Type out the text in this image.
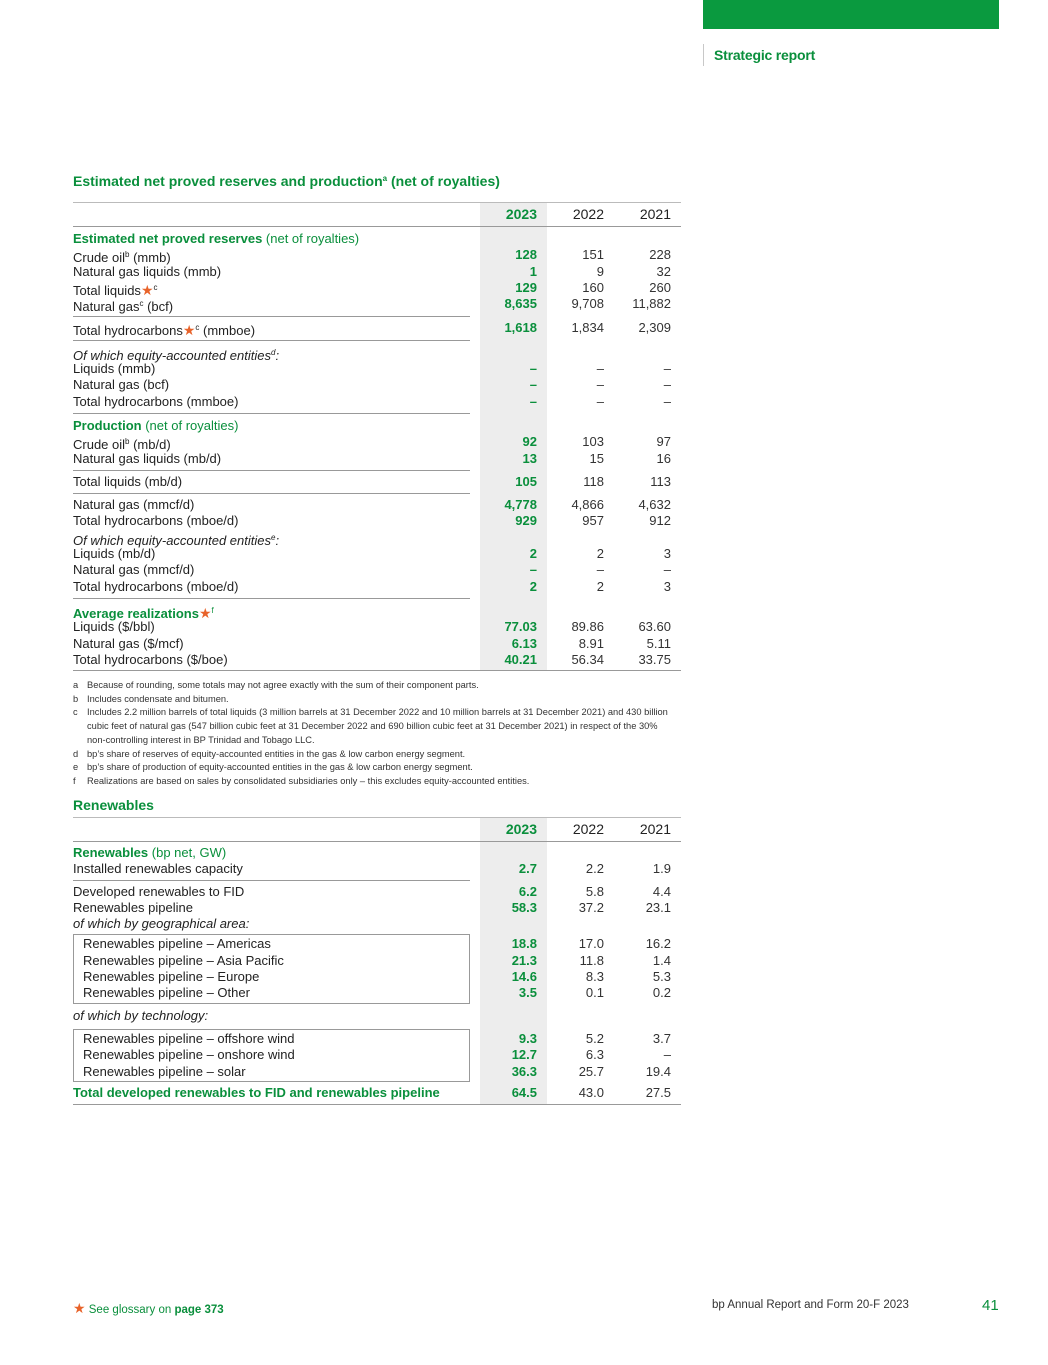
Strategic report
Estimated net proved reserves and production$^a$ (net of royalties)
2023	2022	2021
Estimated net proved reserves (net of royalties)
Crude oil$^b$ (mmb)	128	151	228
Natural gas liquids (mmb)	1	9	32
Total liquids★$^c$	129	160	260
Natural gas$^c$ (bcf)	8,635	9,708	11,882
Total hydrocarbons★$^c$ (mmboe)	1,618	1,834	2,309
Of which equity-accounted entities$^d$:
Liquids (mmb)	–	–	–
Natural gas (bcf)	–	–	–
Total hydrocarbons (mmboe)	–	–	–
Production (net of royalties)
Crude oil$^b$ (mb/d)	92	103	97
Natural gas liquids (mb/d)	13	15	16
Total liquids (mb/d)	105	118	113
Natural gas (mmcf/d)	4,778	4,866	4,632
Total hydrocarbons (mboe/d)	929	957	912
Of which equity-accounted entities$^e$:
Liquids (mb/d)	2	2	3
Natural gas (mmcf/d)	–	–	–
Total hydrocarbons (mboe/d)	2	2	3
Average realizations★$^f$
Liquids ($/bbl)	77.03	89.86	63.60
Natural gas ($/mcf)	6.13	8.91	5.11
Total hydrocarbons ($/boe)	40.21	56.34	33.75
a Because of rounding, some totals may not agree exactly with the sum of their component parts.
b Includes condensate and bitumen.
c	Includes 2.2 million barrels of total liquids (3 million barrels at 31 December 2022 and 10 million barrels at 31 December 2021) and 430 billion cubic feet of natural gas (547 billion cubic feet at 31 December 2022 and 690 billion cubic feet at 31 December 2021) in respect of the 30% non-controlling interest in BP Trinidad and Tobago LLC.
d bp’s share of reserves of equity-accounted entities in the gas & low carbon energy segment.
e bp’s share of production of equity-accounted entities in the gas & low carbon energy segment.
f	Realizations are based on sales by consolidated subsidiaries only – this excludes equity-accounted entities.
Renewables
2023	2022	2021
Renewables (bp net, GW)
Installed renewables capacity	2.7	2.2	1.9
Developed renewables to FID	6.2	5.8	4.4
Renewables pipeline	58.3	37.2	23.1
of which by geographical area:
Renewables pipeline – Americas	18.8	17.0	16.2
Renewables pipeline – Asia Pacific	21.3	11.8	1.4
Renewables pipeline – Europe	14.6	8.3	5.3
Renewables pipeline – Other	3.5	0.1	0.2
of which by technology:
Renewables pipeline – offshore wind	9.3	5.2	3.7
Renewables pipeline – onshore wind	12.7	6.3	–
Renewables pipeline – solar	36.3	25.7	19.4
Total developed renewables to FID and renewables pipeline	64.5	43.0	27.5
★ See glossary on page 373	bp Annual Report and Form 20-F 2023	41
